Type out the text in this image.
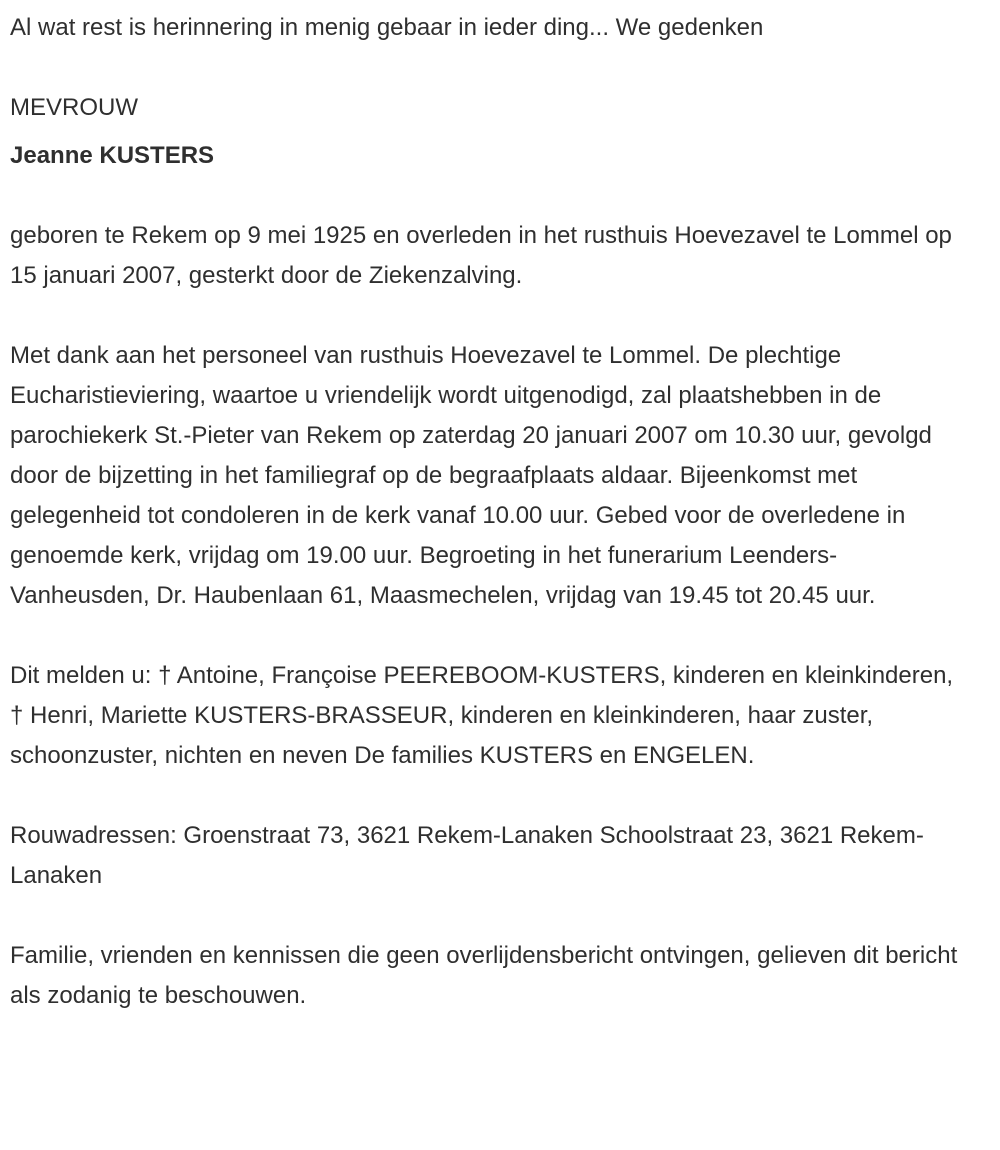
Al wat rest is herinnering in menig gebaar in ieder ding... We gedenken

MEVROUW

Jeanne KUSTERS

geboren te Rekem op 9 mei 1925 en overleden in het rusthuis Hoevezavel te Lommel op 15 januari 2007, gesterkt door de Ziekenzalving.

Met dank aan het personeel van rusthuis Hoevezavel te Lommel. De plechtige Eucharistieviering, waartoe u vriendelijk wordt uitgenodigd, zal plaatshebben in de parochiekerk St.-Pieter van Rekem op zaterdag 20 januari 2007 om 10.30 uur, gevolgd door de bijzetting in het familiegraf op de begraafplaats aldaar. Bijeenkomst met gelegenheid tot condoleren in de kerk vanaf 10.00 uur. Gebed voor de overledene in genoemde kerk, vrijdag om 19.00 uur. Begroeting in het funerarium Leenders-Vanheusden, Dr. Haubenlaan 61, Maasmechelen, vrijdag van 19.45 tot 20.45 uur.

Dit melden u: † Antoine, Françoise PEEREBOOM-KUSTERS, kinderen en kleinkinderen, † Henri, Mariette KUSTERS-BRASSEUR, kinderen en kleinkinderen, haar zuster, schoonzuster, nichten en neven De families KUSTERS en ENGELEN.

Rouwadressen: Groenstraat 73, 3621 Rekem-Lanaken Schoolstraat 23, 3621 Rekem-Lanaken

Familie, vrienden en kennissen die geen overlijdensbericht ontvingen, gelieven dit bericht als zodanig te beschouwen.
